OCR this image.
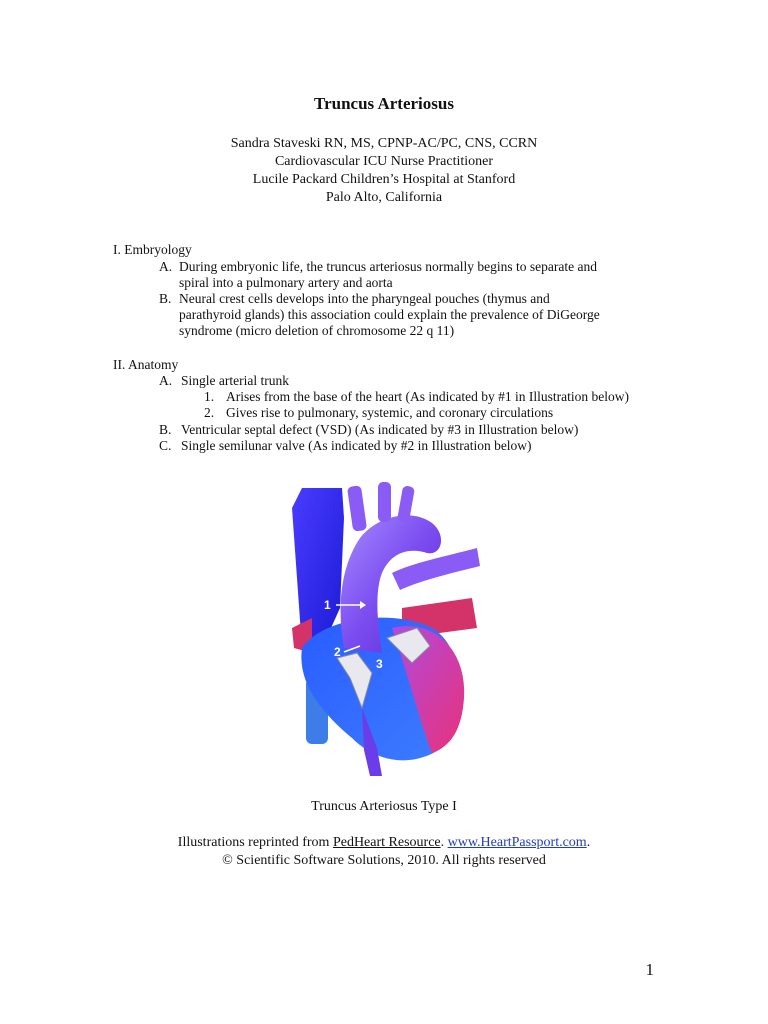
Truncus Arteriosus
Sandra Staveski RN, MS, CPNP-AC/PC, CNS, CCRN
Cardiovascular ICU Nurse Practitioner
Lucile Packard Children’s Hospital at Stanford
Palo Alto, California
I. Embryology
A. During embryonic life, the truncus arteriosus normally begins to separate and
spiral into a pulmonary artery and aorta
B. Neural crest cells develops into the pharyngeal pouches (thymus and
parathyroid glands) this association could explain the prevalence of DiGeorge
syndrome (micro deletion of chromosome 22 q 11)
II. Anatomy
A. Single arterial trunk
1. Arises from the base of the heart (As indicated by #1 in Illustration below)
2. Gives rise to pulmonary, systemic, and coronary circulations
B. Ventricular septal defect (VSD) (As indicated by #3 in Illustration below)
C. Single semilunar valve (As indicated by #2 in Illustration below)
1
2
3
Truncus Arteriosus Type I
Illustrations reprinted from PedHeart Resource. www.HeartPassport.com.
© Scientific Software Solutions, 2010. All rights reserved
1
